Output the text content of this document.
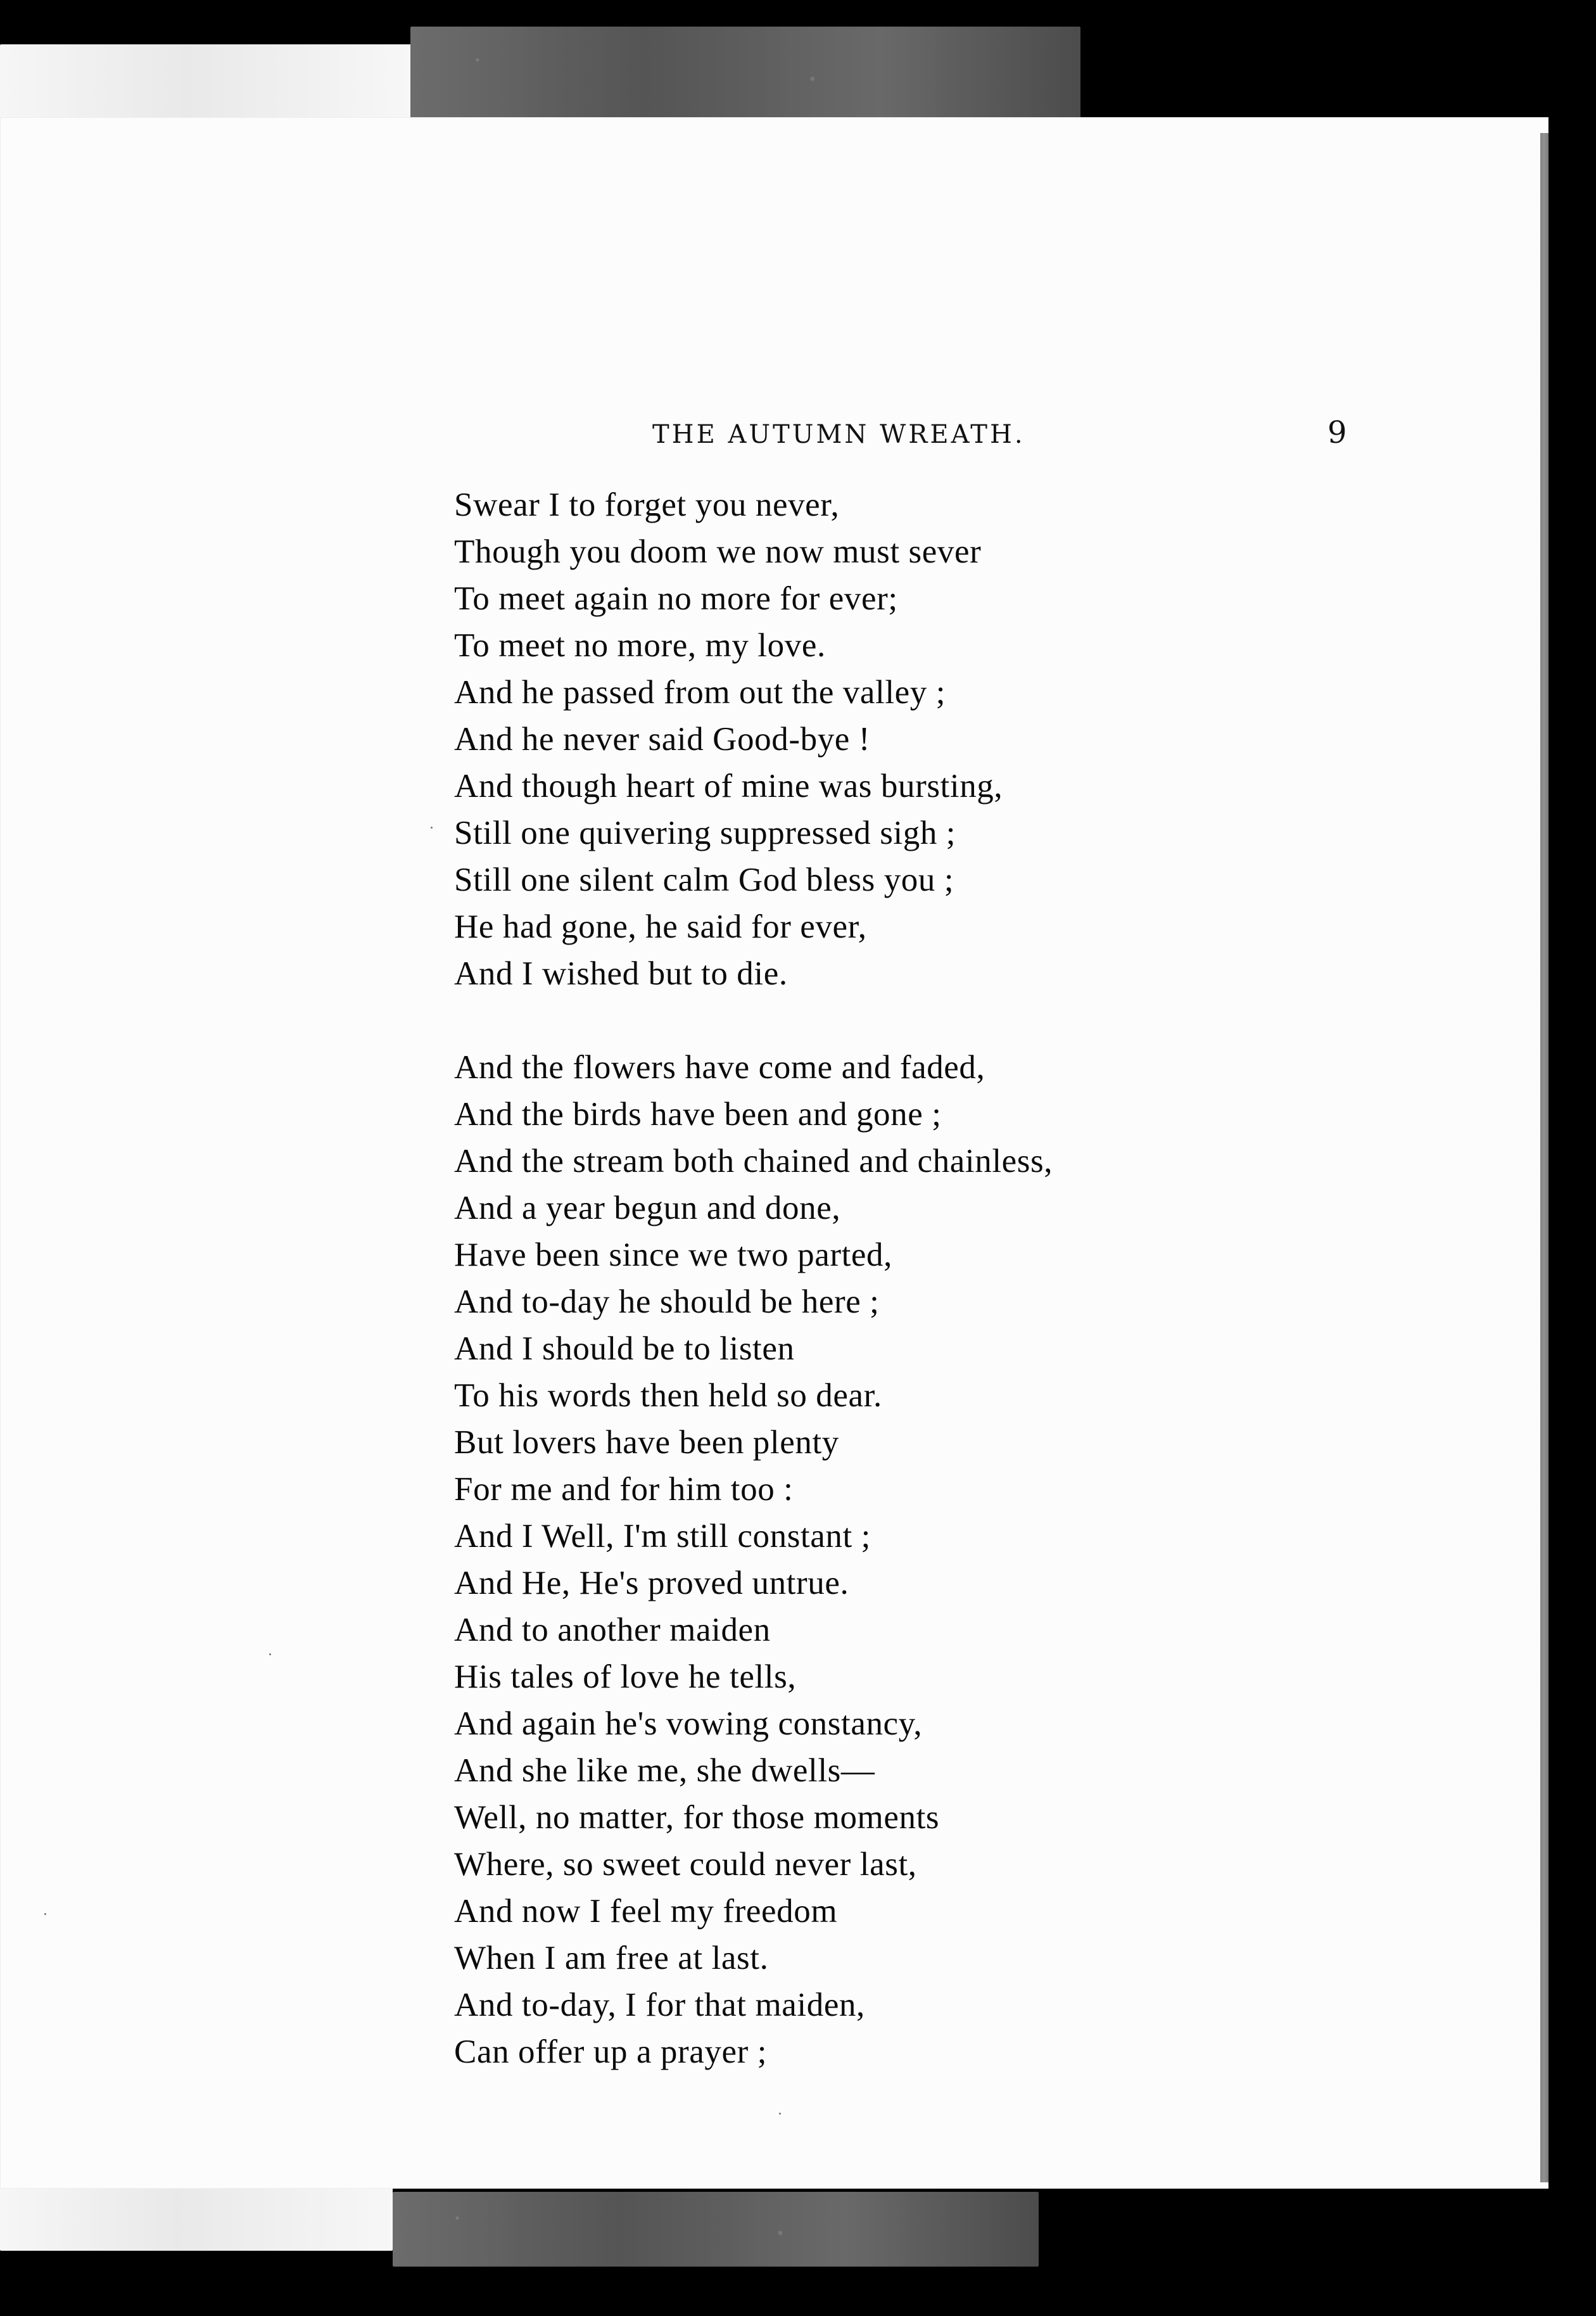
THE AUTUMN WREATH.	9
Swear I to forget you never,
Though you doom we now must sever
To meet again no more for ever;
To meet no more, my love.
And he passed from out the valley ;
And he never said Good-bye !
And though heart of mine was bursting,
Still one quivering suppressed sigh ;
Still one silent calm God bless you ;
He had gone, he said for ever,
And I wished but to die.
And the flowers have come and faded,
And the birds have been and gone ;
And the stream both chained and chainless,
And a year begun and done,
Have been since we two parted,
And to-day he should be here ;
And I should be to listen
To his words then held so dear.
But lovers have been plenty
For me and for him too :
And I Well, I'm still constant ;
And He, He's proved untrue.
And to another maiden
His tales of love he tells,
And again he's vowing constancy,
And she like me, she dwells—
Well, no matter, for those moments
Where, so sweet could never last,
And now I feel my freedom
When I am free at last.
And to-day, I for that maiden,
Can offer up a prayer ;
